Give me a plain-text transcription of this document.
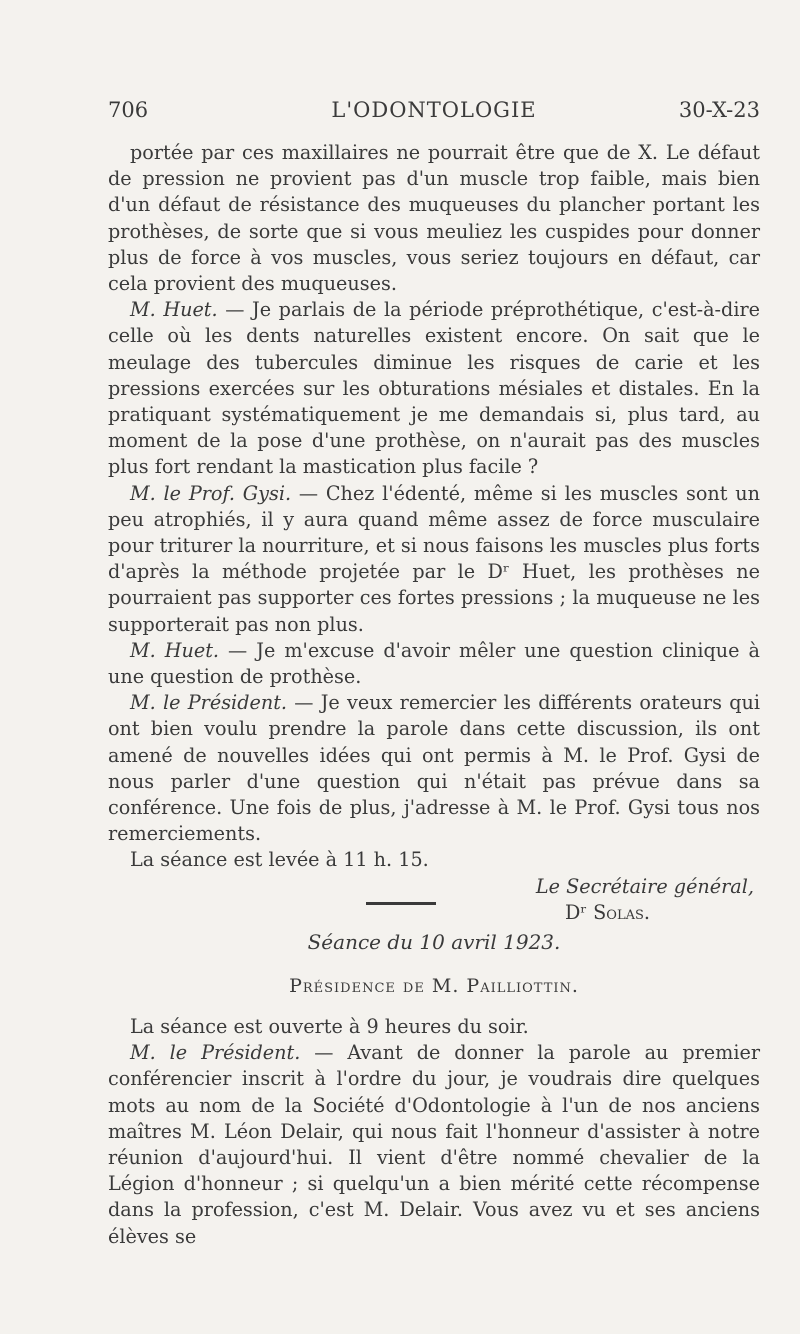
706	L'ODONTOLOGIE	30-X-23

portée par ces maxillaires ne pourrait être que de X. Le défaut de pression ne provient pas d'un muscle trop faible, mais bien d'un défaut de résistance des muqueuses du plancher portant les prothèses, de sorte que si vous meuliez les cuspides pour donner plus de force à vos muscles, vous seriez toujours en défaut, car cela provient des muqueuses.

M. Huet. — Je parlais de la période préprothétique, c'est-à-dire celle où les dents naturelles existent encore. On sait que le meulage des tubercules diminue les risques de carie et les pressions exercées sur les obturations mésiales et distales. En la pratiquant systématiquement je me demandais si, plus tard, au moment de la pose d'une prothèse, on n'aurait pas des muscles plus fort rendant la mastication plus facile ?

M. le Prof. Gysi. — Chez l'édenté, même si les muscles sont un peu atrophiés, il y aura quand même assez de force musculaire pour triturer la nourriture, et si nous faisons les muscles plus forts d'après la méthode projetée par le Dʳ Huet, les prothèses ne pourraient pas supporter ces fortes pressions ; la muqueuse ne les supporterait pas non plus.

M. Huet. — Je m'excuse d'avoir mêler une question clinique à une question de prothèse.

M. le Président. — Je veux remercier les différents orateurs qui ont bien voulu prendre la parole dans cette discussion, ils ont amené de nouvelles idées qui ont permis à M. le Prof. Gysi de nous parler d'une question qui n'était pas prévue dans sa conférence. Une fois de plus, j'adresse à M. le Prof. Gysi tous nos remerciements.

La séance est levée à 11 h. 15.

Le Secrétaire général,
Dʳ Solas.
Séance du 10 avril 1923.
Présidence de M. Pailliottin.

La séance est ouverte à 9 heures du soir.

M. le Président. — Avant de donner la parole au premier conférencier inscrit à l'ordre du jour, je voudrais dire quelques mots au nom de la Société d'Odontologie à l'un de nos anciens maîtres M. Léon Delair, qui nous fait l'honneur d'assister à notre réunion d'aujourd'hui. Il vient d'être nommé chevalier de la Légion d'honneur ; si quelqu'un a bien mérité cette récompense dans la profession, c'est M. Delair. Vous avez vu et ses anciens élèves se
